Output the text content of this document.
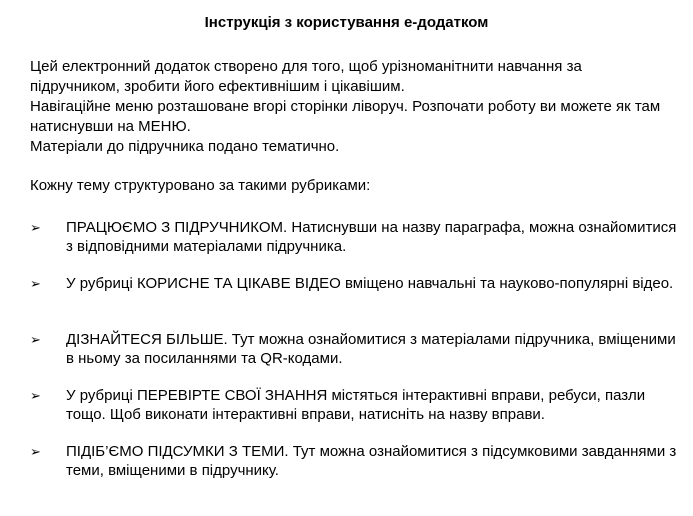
Інструкція з користування е-додатком

Цей електронний додаток створено для того, щоб урізноманітнити навчання за підручником, зробити його ефективнішим і цікавішим.

Навігаційне меню розташоване вгорі сторінки ліворуч. Розпочати роботу ви можете як там натиснувши на МЕНЮ.

Матеріали до підручника подано тематично.

Кожну тему структуровано за такими рубриками:
➢ ПРАЦЮЄМО З ПІДРУЧНИКОМ. Натиснувши на назву параграфа, можна ознайомитися з відповідними матеріалами підручника.
➢ У рубриці КОРИСНЕ ТА ЦІКАВЕ ВІДЕО вміщено навчальні та науково-популярні відео.
➢ ДІЗНАЙТЕСЯ БІЛЬШЕ. Тут можна ознайомитися з матеріалами підручника, вміщеними в ньому за посиланнями та QR-кодами.
➢ У рубриці ПЕРЕВІРТЕ СВОЇ ЗНАННЯ містяться інтерактивні вправи, ребуси, пазли тощо. Щоб виконати інтерактивні вправи, натисніть на назву вправи.
➢ ПІДІБ’ЄМО ПІДСУМКИ З ТЕМИ. Тут можна ознайомитися з підсумковими завданнями з теми, вміщеними в підручнику.
